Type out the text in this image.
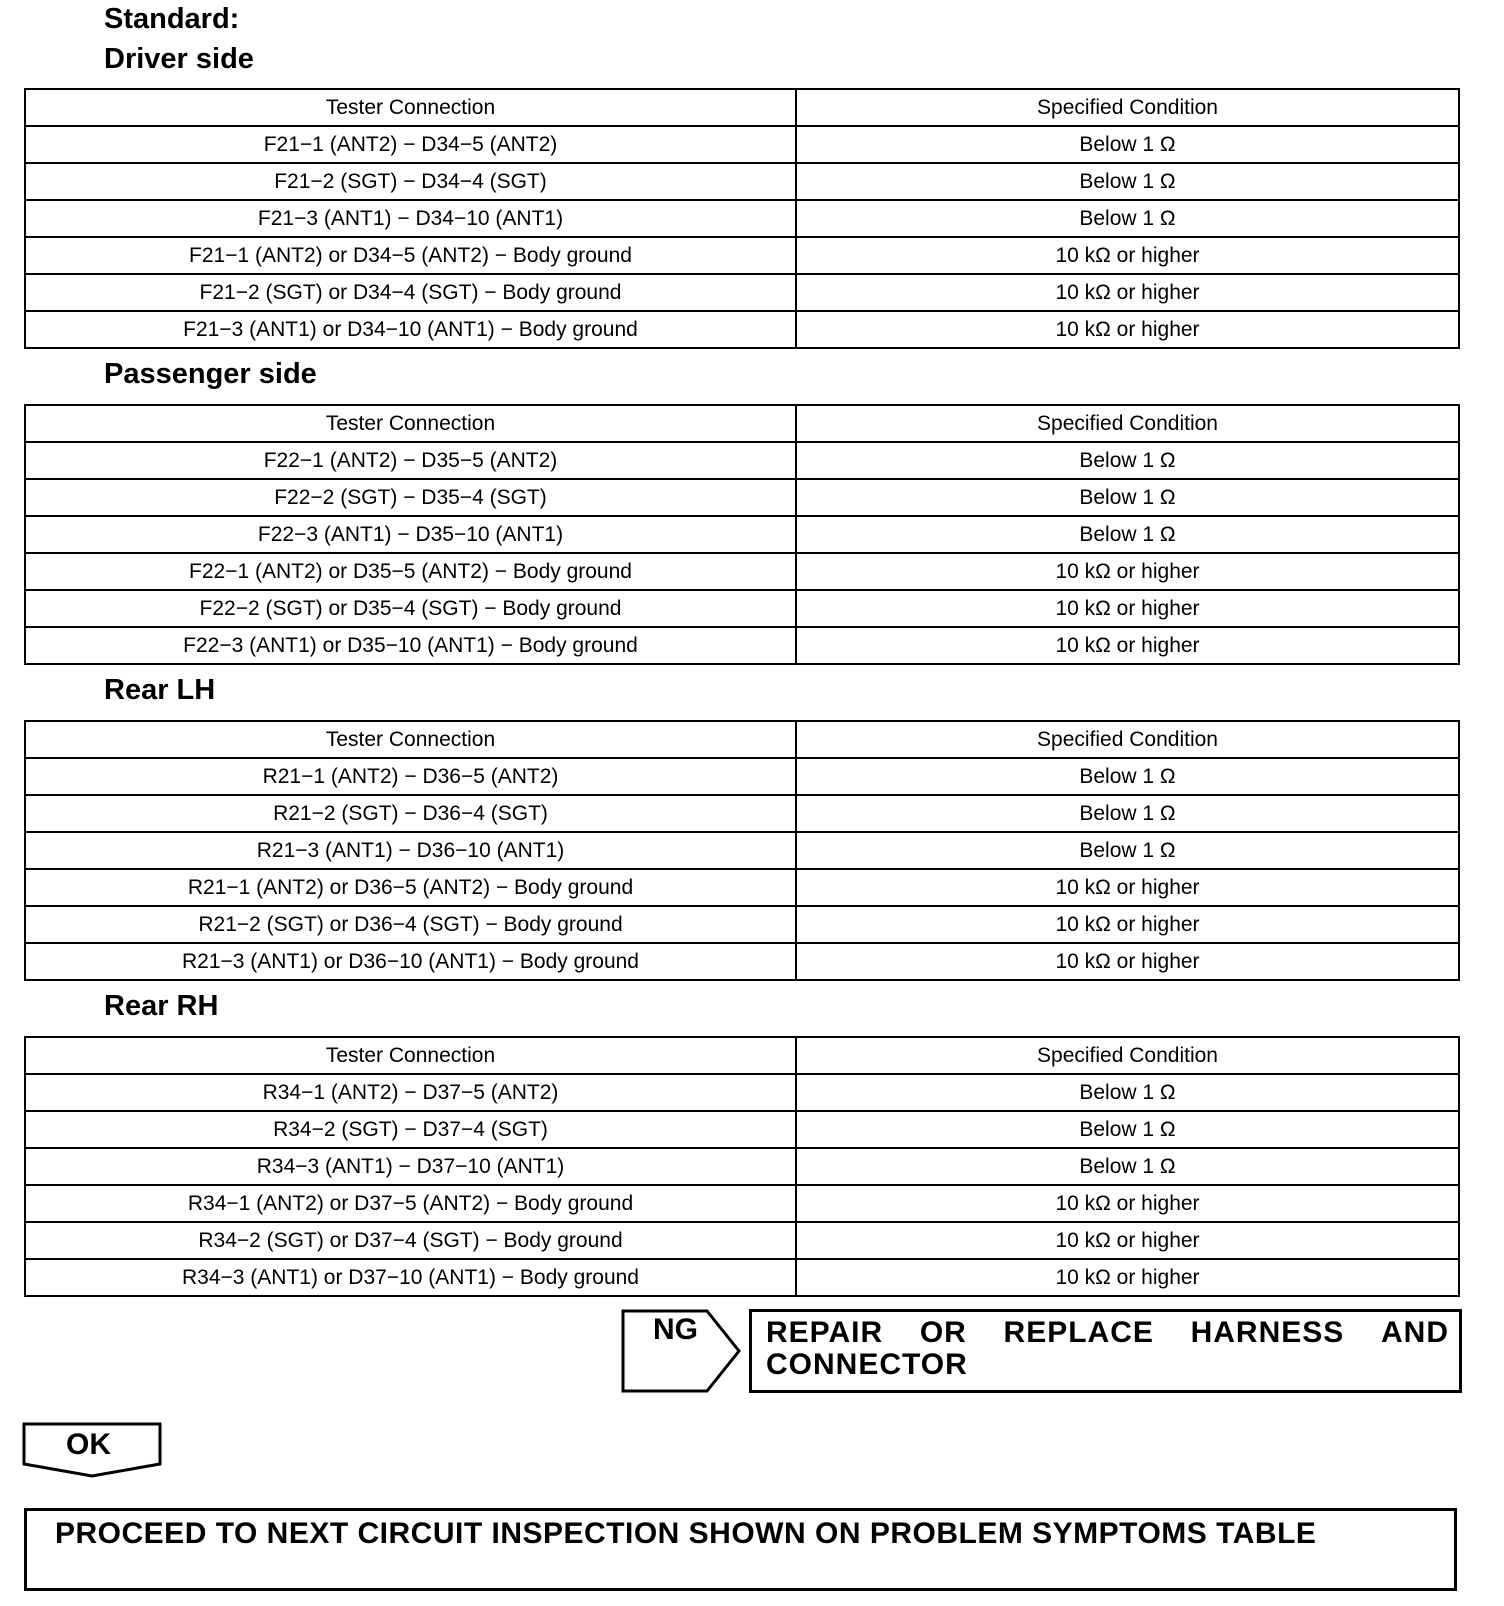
Standard:
Driver side
Tester Connection	Specified Condition
F21−1 (ANT2) − D34−5 (ANT2)	Below 1 Ω
F21−2 (SGT) − D34−4 (SGT)	Below 1 Ω
F21−3 (ANT1) − D34−10 (ANT1)	Below 1 Ω
F21−1 (ANT2) or D34−5 (ANT2) − Body ground	10 kΩ or higher
F21−2 (SGT) or D34−4 (SGT) − Body ground	10 kΩ or higher
F21−3 (ANT1) or D34−10 (ANT1) − Body ground	10 kΩ or higher
Passenger side
Tester Connection	Specified Condition
F22−1 (ANT2) − D35−5 (ANT2)	Below 1 Ω
F22−2 (SGT) − D35−4 (SGT)	Below 1 Ω
F22−3 (ANT1) − D35−10 (ANT1)	Below 1 Ω
F22−1 (ANT2) or D35−5 (ANT2) − Body ground	10 kΩ or higher
F22−2 (SGT) or D35−4 (SGT) − Body ground	10 kΩ or higher
F22−3 (ANT1) or D35−10 (ANT1) − Body ground	10 kΩ or higher
Rear LH
Tester Connection	Specified Condition
R21−1 (ANT2) − D36−5 (ANT2)	Below 1 Ω
R21−2 (SGT) − D36−4 (SGT)	Below 1 Ω
R21−3 (ANT1) − D36−10 (ANT1)	Below 1 Ω
R21−1 (ANT2) or D36−5 (ANT2) − Body ground	10 kΩ or higher
R21−2 (SGT) or D36−4 (SGT) − Body ground	10 kΩ or higher
R21−3 (ANT1) or D36−10 (ANT1) − Body ground	10 kΩ or higher
Rear RH
Tester Connection	Specified Condition
R34−1 (ANT2) − D37−5 (ANT2)	Below 1 Ω
R34−2 (SGT) − D37−4 (SGT)	Below 1 Ω
R34−3 (ANT1) − D37−10 (ANT1)	Below 1 Ω
R34−1 (ANT2) or D37−5 (ANT2) − Body ground	10 kΩ or higher
R34−2 (SGT) or D37−4 (SGT) − Body ground	10 kΩ or higher
R34−3 (ANT1) or D37−10 (ANT1) − Body ground	10 kΩ or higher
NG REPAIR OR REPLACE HARNESS AND
CONNECTOR
OK
PROCEED TO NEXT CIRCUIT INSPECTION SHOWN ON PROBLEM SYMPTOMS TABLE
